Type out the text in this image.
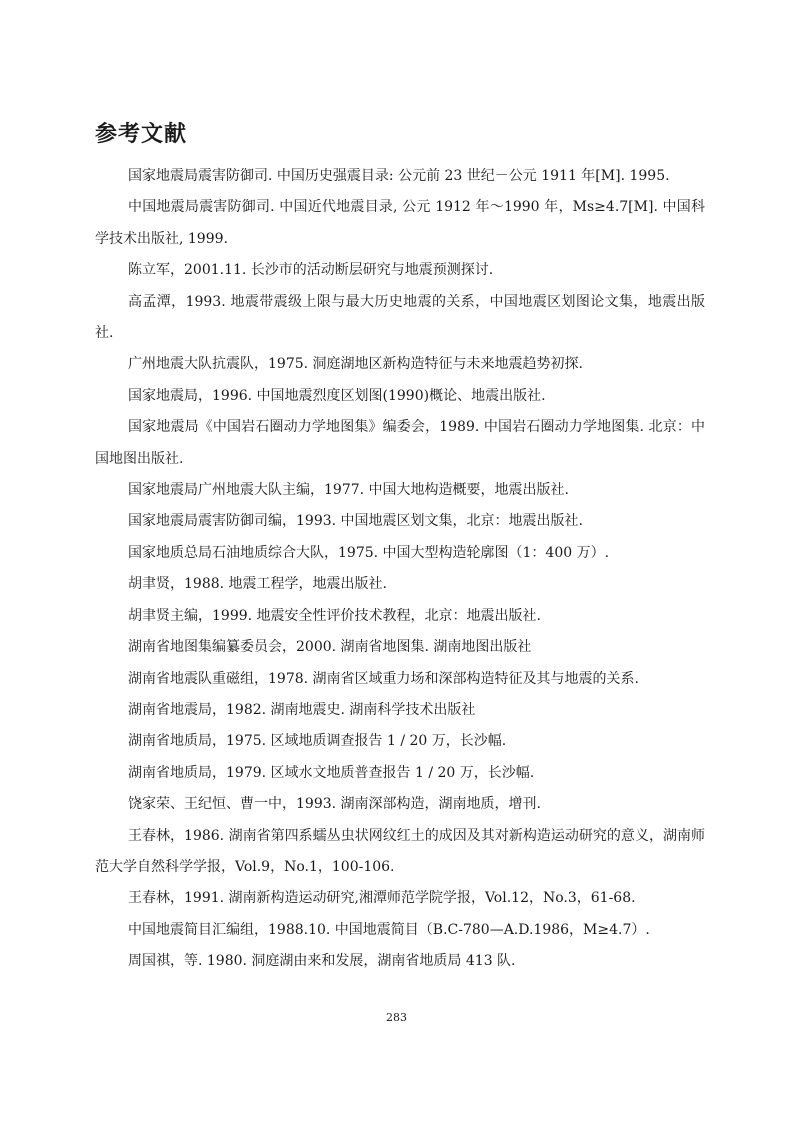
参考文献

国家地震局震害防御司. 中国历史强震目录: 公元前 23 世纪－公元 1911 年[M]. 1995.

中国地震局震害防御司. 中国近代地震目录, 公元 1912 年～1990 年，Ms≥4.7[M]. 中国科学技术出版社, 1999.

陈立军，2001.11. 长沙市的活动断层研究与地震预测探讨.

高孟潭，1993. 地震带震级上限与最大历史地震的关系，中国地震区划图论文集，地震出版社.

广州地震大队抗震队，1975. 洞庭湖地区新构造特征与未来地震趋势初探.

国家地震局，1996. 中国地震烈度区划图(1990)概论、地震出版社.

国家地震局《中国岩石圈动力学地图集》编委会，1989. 中国岩石圈动力学地图集. 北京：中国地图出版社.

国家地震局广州地震大队主编，1977. 中国大地构造概要，地震出版社.

国家地震局震害防御司编，1993. 中国地震区划文集，北京：地震出版社.

国家地质总局石油地质综合大队，1975. 中国大型构造轮廓图（1：400 万）.

胡聿贤，1988. 地震工程学，地震出版社.

胡聿贤主编，1999. 地震安全性评价技术教程，北京：地震出版社.

湖南省地图集编纂委员会，2000. 湖南省地图集. 湖南地图出版社

湖南省地震队重磁组，1978. 湖南省区域重力场和深部构造特征及其与地震的关系.

湖南省地震局，1982. 湖南地震史. 湖南科学技术出版社

湖南省地质局，1975. 区域地质调查报告 1 / 20 万，长沙幅.

湖南省地质局，1979. 区域水文地质普查报告 1 / 20 万，长沙幅.

饶家荣、王纪恒、曹一中，1993. 湖南深部构造，湖南地质，增刊.

王春林，1986. 湖南省第四系蠕丛虫状网纹红土的成因及其对新构造运动研究的意义，湖南师范大学自然科学学报，Vol.9，No.1，100-106.

王春林，1991. 湖南新构造运动研究,湘潭师范学院学报，Vol.12，No.3，61-68.

中国地震简目汇编组，1988.10. 中国地震简目（B.C-780—A.D.1986，M≥4.7）.

周国祺，等. 1980. 洞庭湖由来和发展，湖南省地质局 413 队.

283
